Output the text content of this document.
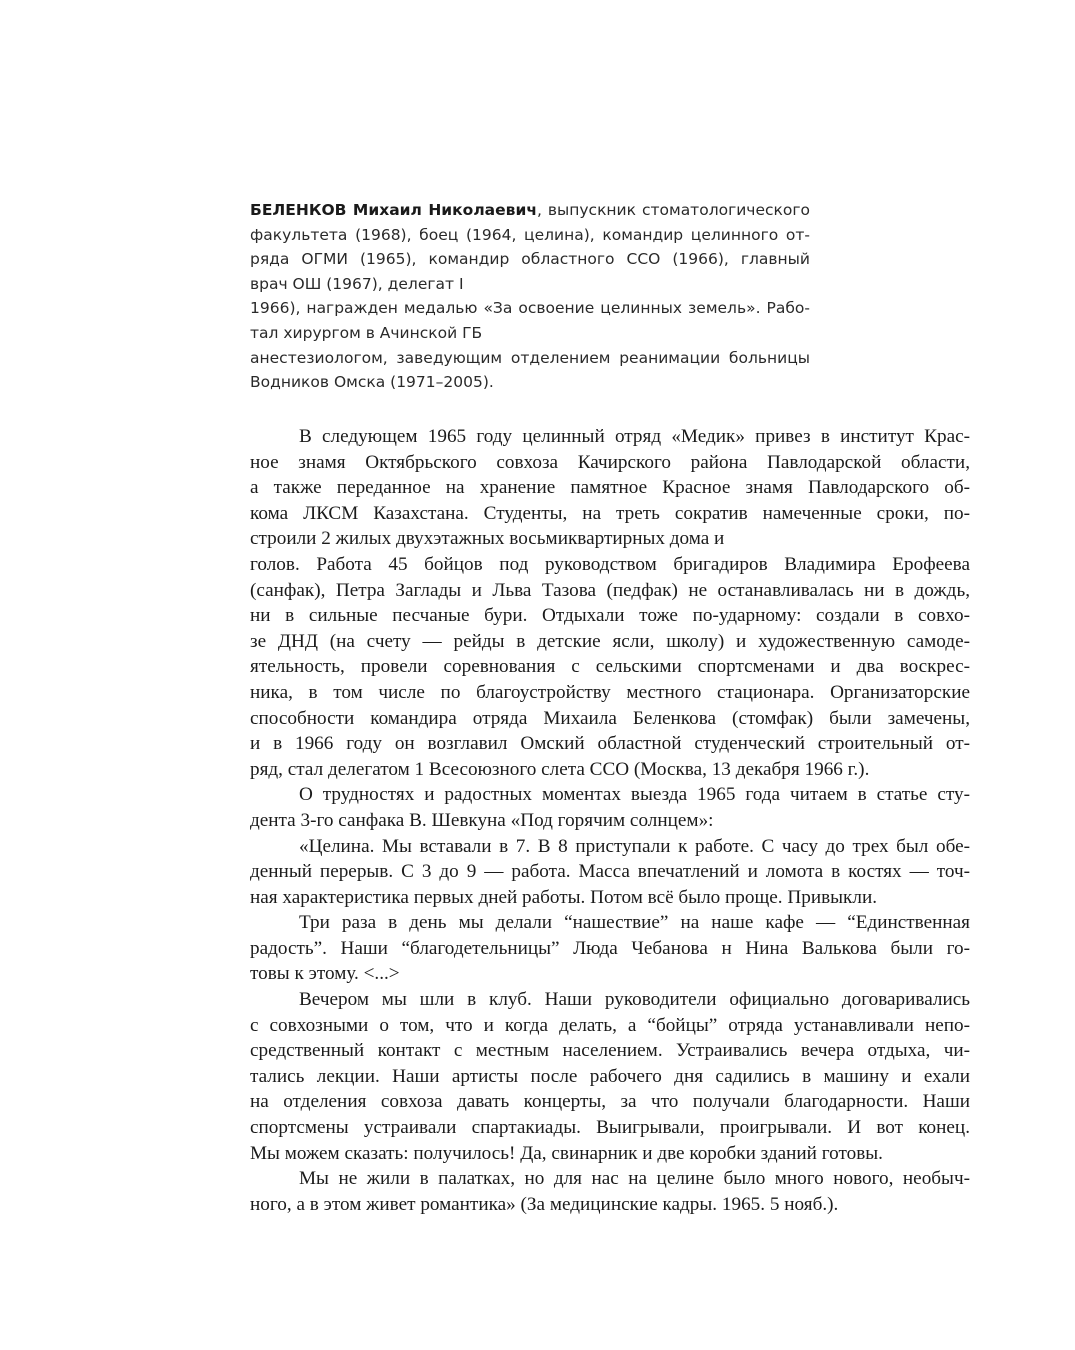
БЕЛЕНКОВ Михаил Николаевич, выпускник стоматологического
факультета (1968), боец (1964, целина), командир целинного от-
ряда ОГМИ (1965), командир областного ССО (1966), главный
врач ОШ (1967), делегат I
1966), награжден медалью «За освоение целинных земель». Рабо-
тал хирургом в Ачинской ГБ
анестезиологом, заведующим отделением реанимации больницы
Водников Омска (1971–2005).
В следующем 1965 году целинный отряд «Медик» привез в институт Крас-
ное знамя Октябрьского совхоза Качирского района Павлодарской области,
а также переданное на хранение памятное Красное знамя Павлодарского об-
кома ЛКСМ Казахстана. Студенты, на треть сократив намеченные сроки, по-
строили 2 жилых двухэтажных восьмиквартирных дома и
голов. Работа 45 бойцов под руководством бригадиров Владимира Ерофеева
(санфак), Петра Заглады и Льва Тазова (педфак) не останавливалась ни в дождь,
ни в сильные песчаные бури. Отдыхали тоже по-ударному: создали в совхо-
зе ДНД (на счету — рейды в детские ясли, школу) и художественную самоде-
ятельность, провели соревнования с сельскими спортсменами и два воскрес-
ника, в том числе по благоустройству местного стационара. Организаторские
способности командира отряда Михаила Беленкова (стомфак) были замечены,
и в 1966 году он возглавил Омский областной студенческий строительный от-
ряд, стал делегатом 1 Всесоюзного слета ССО (Москва, 13 декабря 1966 г.).
О трудностях и радостных моментах выезда 1965 года читаем в статье сту-
дента 3-го санфака В. Шевкуна «Под горячим солнцем»:
«Целина. Мы вставали в 7. В 8 приступали к работе. С часу до трех был обе-
денный перерыв. С 3 до 9 — работа. Масса впечатлений и ломота в костях — точ-
ная характеристика первых дней работы. Потом всё было проще. Привыкли.
Три раза в день мы делали “нашествие” на наше кафе — “Единственная
радость”. Наши “благодетельницы” Люда Чебанова н Нина Валькова были го-
товы к этому. <...>
Вечером мы шли в клуб. Наши руководители официально договаривались
с совхозными о том, что и когда делать, а “бойцы” отряда устанавливали непо-
средственный контакт с местным населением. Устраивались вечера отдыха, чи-
тались лекции. Наши артисты после рабочего дня садились в машину и ехали
на отделения совхоза давать концерты, за что получали благодарности. Наши
спортсмены устраивали спартакиады. Выигрывали, проигрывали. И вот конец.
Мы можем сказать: получилось! Да, свинарник и две коробки зданий готовы.
Мы не жили в палатках, но для нас на целине было много нового, необыч-
ного, а в этом живет романтика» (За медицинские кадры. 1965. 5 нояб.).
